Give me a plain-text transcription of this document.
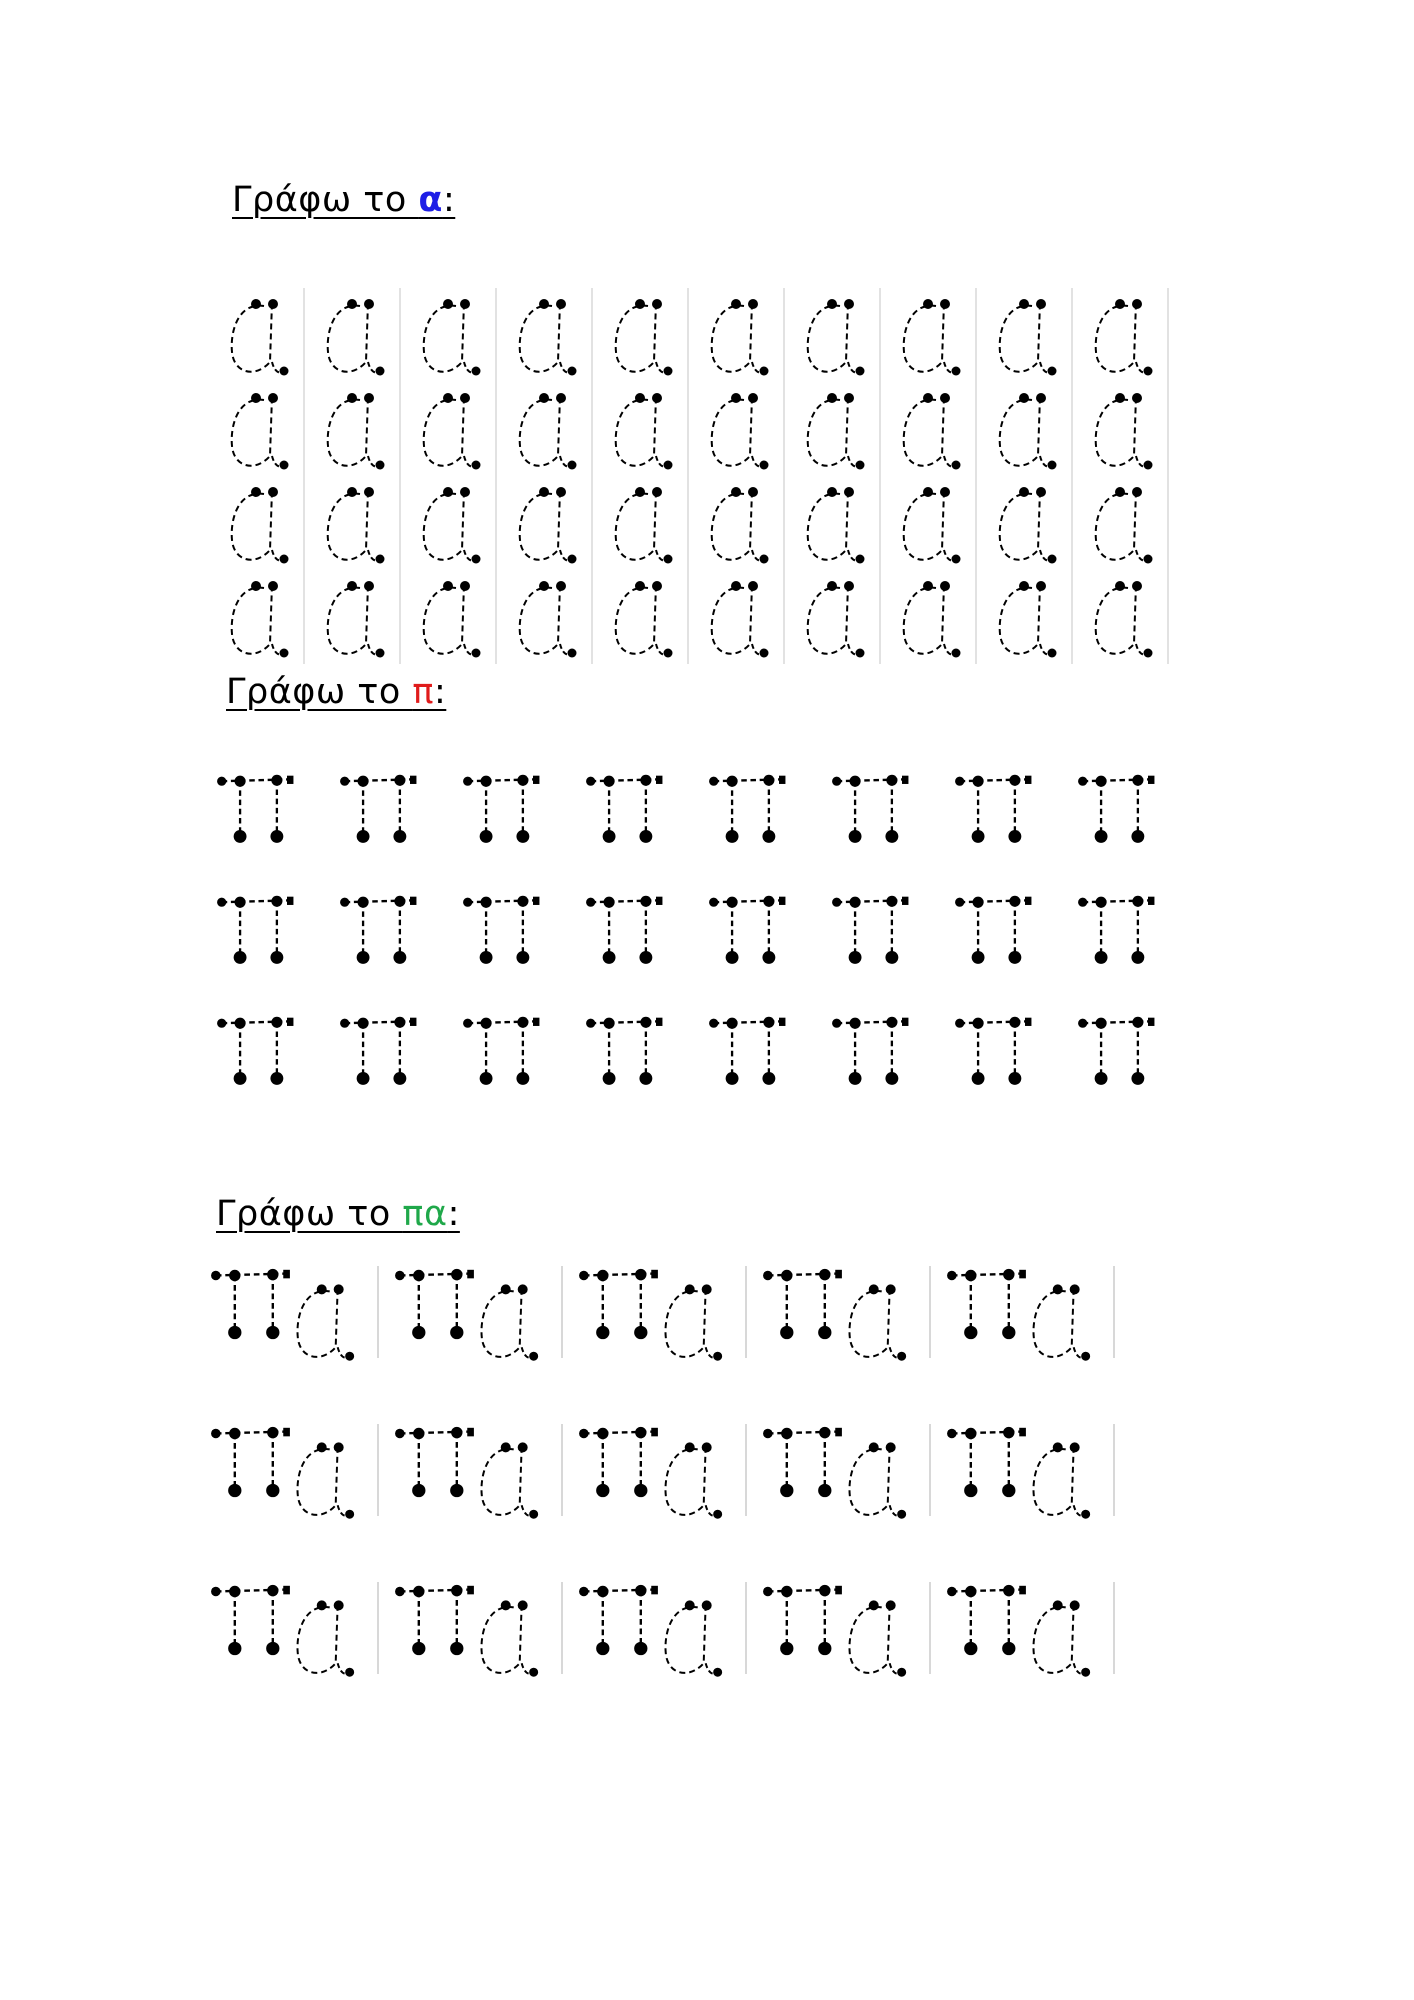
Γράφω το α:
Γράφω το π:
Γράφω το πα:
